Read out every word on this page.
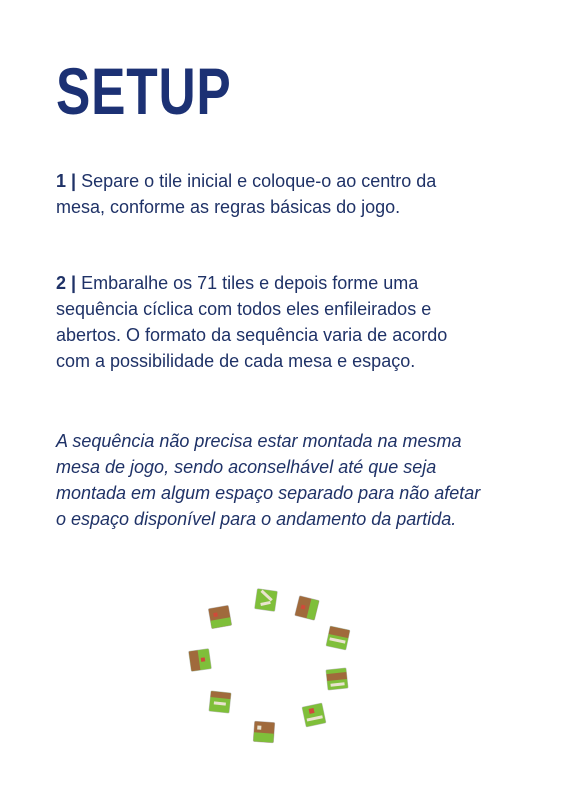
SETUP

1 | Separe o tile inicial e coloque-o ao centro da mesa, conforme as regras básicas do jogo.

2 | Embaralhe os 71 tiles e depois forme uma sequência cíclica com todos eles enfileirados e abertos. O formato da sequência varia de acordo com a possibilidade de cada mesa e espaço.

A sequência não precisa estar montada na mesma mesa de jogo, sendo aconselhável até que seja montada em algum espaço separado para não afetar o espaço disponível para o andamento da partida.
